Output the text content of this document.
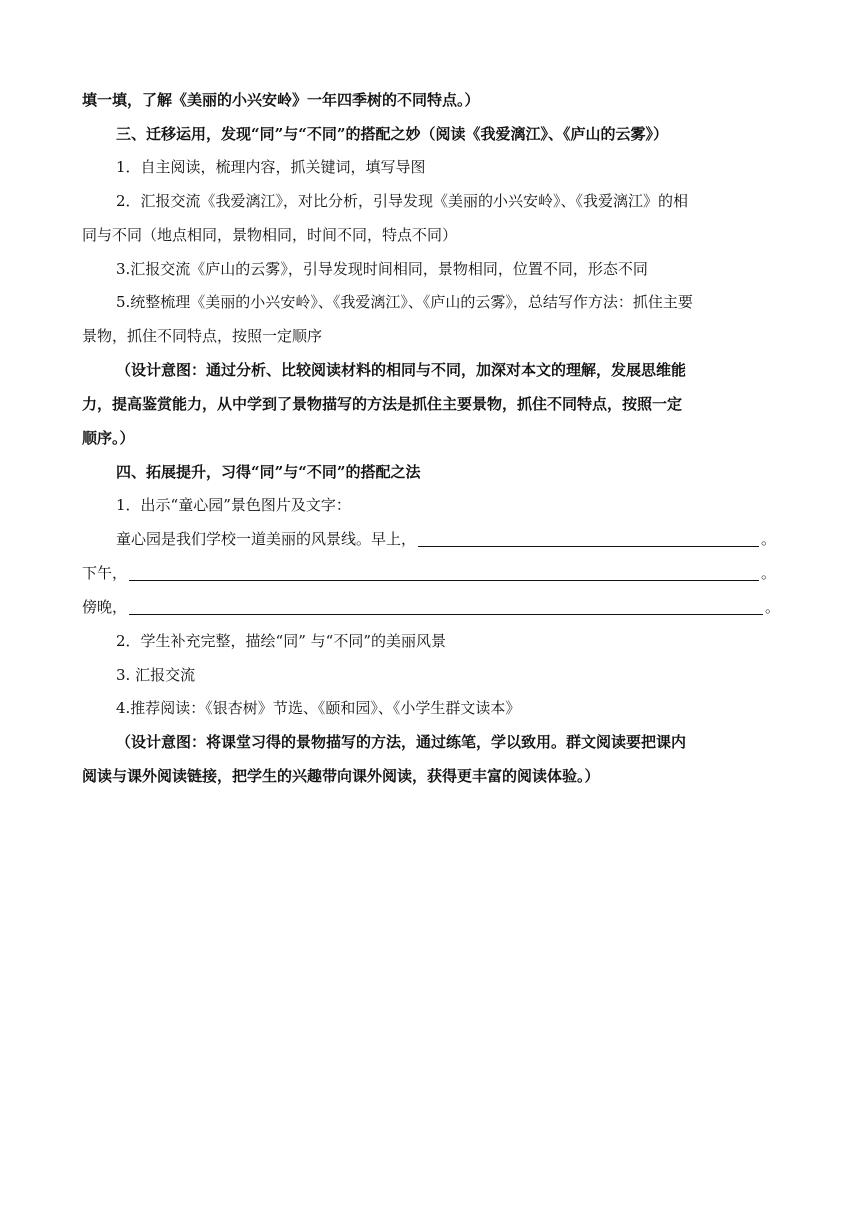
填一填，了解《美丽的小兴安岭》一年四季树的不同特点。）
三、迁移运用，发现“同”与“不同”的搭配之妙（阅读《我爱漓江》、《庐山的云雾》）
1．自主阅读，梳理内容，抓关键词，填写导图
2．汇报交流《我爱漓江》，对比分析，引导发现《美丽的小兴安岭》、《我爱漓江》的相
同与不同（地点相同，景物相同，时间不同，特点不同）
3.汇报交流《庐山的云雾》，引导发现时间相同，景物相同，位置不同，形态不同
5.统整梳理《美丽的小兴安岭》、《我爱漓江》、《庐山的云雾》，总结写作方法：抓住主要
景物，抓住不同特点，按照一定顺序
（设计意图：通过分析、比较阅读材料的相同与不同，加深对本文的理解，发展思维能
力，提高鉴赏能力，从中学到了景物描写的方法是抓住主要景物，抓住不同特点，按照一定
顺序。）
四、拓展提升，习得“同”与“不同”的搭配之法
1．出示“童心园”景色图片及文字：
童心园是我们学校一道美丽的风景线。早上，	。
下午，	。
傍晚，	。
2．学生补充完整，描绘“同” 与“不同”的美丽风景
3. 汇报交流
4.推荐阅读：《银杏树》节选、《颐和园》、《小学生群文读本》
（设计意图：将课堂习得的景物描写的方法，通过练笔，学以致用。群文阅读要把课内
阅读与课外阅读链接，把学生的兴趣带向课外阅读，获得更丰富的阅读体验。）
